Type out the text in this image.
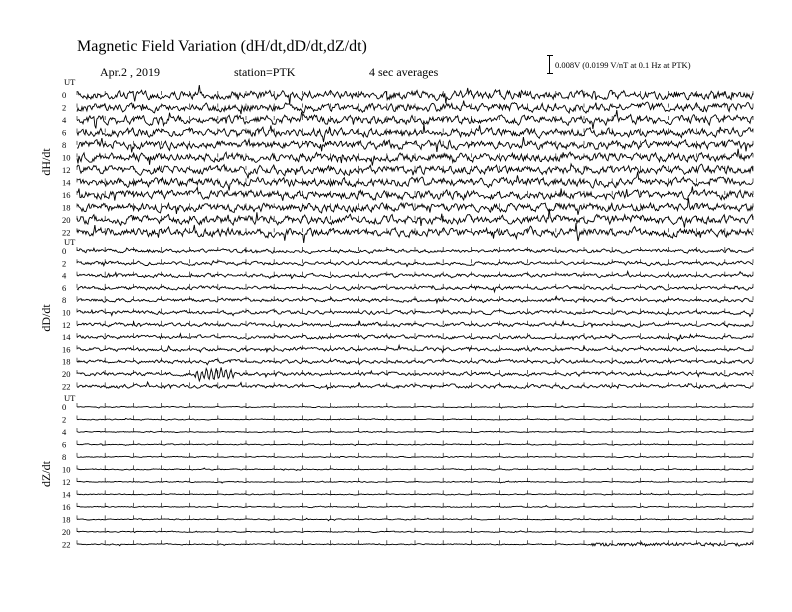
Magnetic Field Variation (dH/dt,dD/dt,dZ/dt)
Apr.2 , 2019	station=PTK	4 sec averages	0.008V (0.0199 V/nT at 0.1 Hz at PTK)
UT
dH/dt
0
2
4
6
8
10
12
14
16
18
20
22
UT
dD/dt
0
2
4
6
8
10
12
14
16
18
20
22
UT
dZ/dt
0
2
4
6
8
10
12
14
16
18
20
22
